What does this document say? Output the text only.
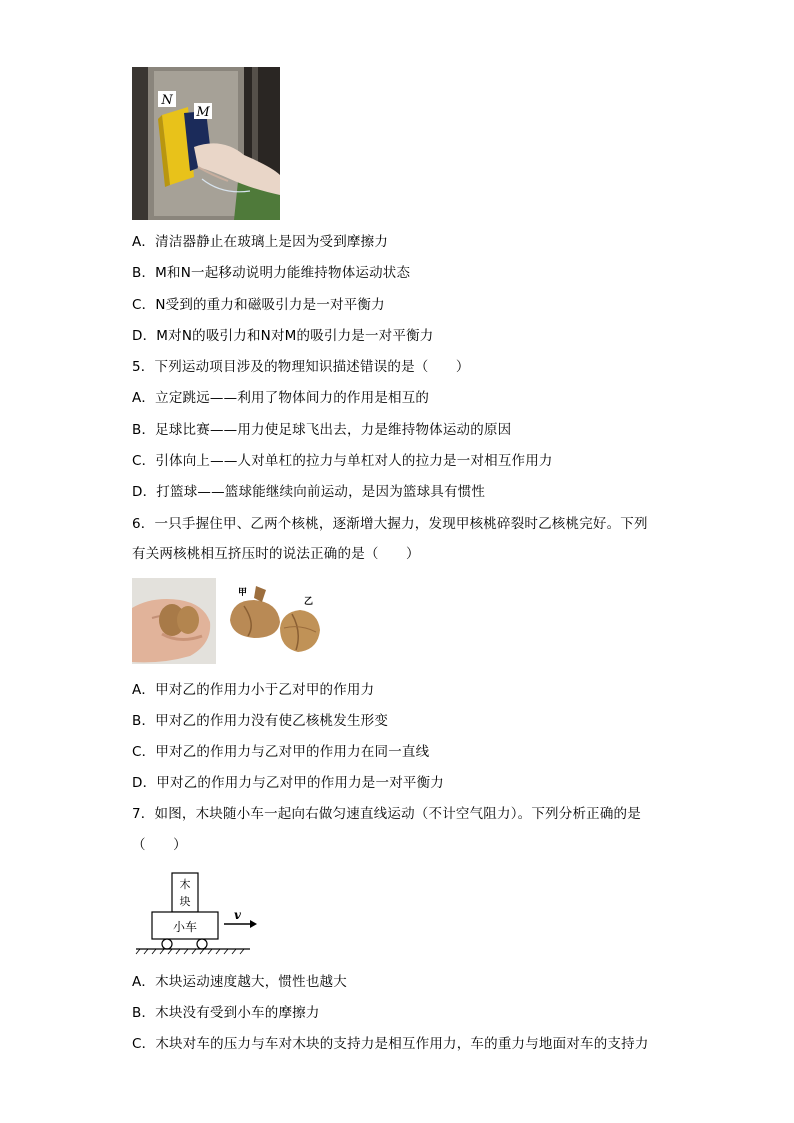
N
M
A．清洁器静止在玻璃上是因为受到摩擦力
B．M和N一起移动说明力能维持物体运动状态
C．N受到的重力和磁吸引力是一对平衡力
D．M对N的吸引力和N对M的吸引力是一对平衡力
5．下列运动项目涉及的物理知识描述错误的是（　　）
A．立定跳远——利用了物体间力的作用是相互的
B．足球比赛——用力使足球飞出去，力是维持物体运动的原因
C．引体向上——人对单杠的拉力与单杠对人的拉力是一对相互作用力
D．打篮球——篮球能继续向前运动，是因为篮球具有惯性
6．一只手握住甲、乙两个核桃，逐渐增大握力，发现甲核桃碎裂时乙核桃完好。下列
有关两核桃相互挤压时的说法正确的是（　　）
甲
乙
A．甲对乙的作用力小于乙对甲的作用力
B．甲对乙的作用力没有使乙核桃发生形变
C．甲对乙的作用力与乙对甲的作用力在同一直线
D．甲对乙的作用力与乙对甲的作用力是一对平衡力
7．如图，木块随小车一起向右做匀速直线运动（不计空气阻力）。下列分析正确的是
（　　）
木
块
小车
v
A．木块运动速度越大，惯性也越大
B．木块没有受到小车的摩擦力
C．木块对车的压力与车对木块的支持力是相互作用力，车的重力与地面对车的支持力
